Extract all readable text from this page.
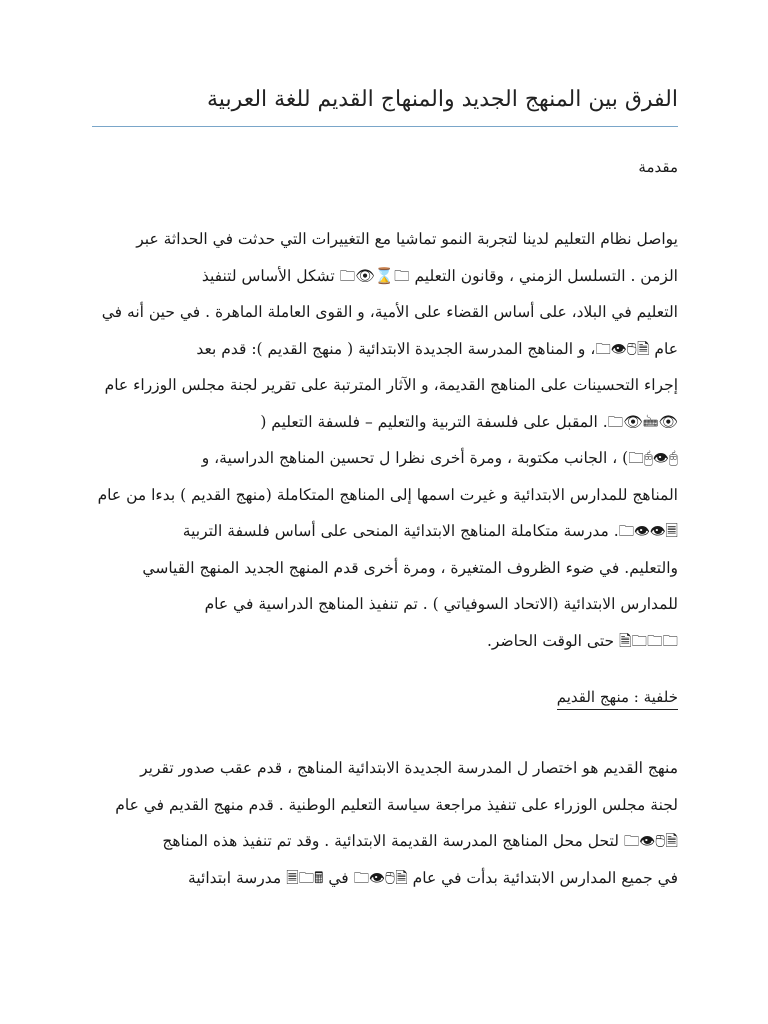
الفرق بين المنهج الجديد والمنهاج القديم للغة العربية
مقدمة

يواصل نظام التعليم لدينا لتجربة النمو تماشيا مع التغييرات التي حدثت في الحداثة عبر
الزمن . التسلسل الزمني ، وقانون التعليم 🗀⌛👁🗀 تشكل الأساس لتنفيذ
التعليم في البلاد، على أساس القضاء على الأمية، و القوى العاملة الماهرة . في حين أنه في
عام 🗎🖰👁🗀، و المناهج المدرسة الجديدة الابتدائية ( منهج القديم ): قدم بعد
إجراء التحسينات على المناهج القديمة، و الآثار المترتبة على تقرير لجنة مجلس الوزراء عام
👁🖮👁🗀. المقبل على فلسفة التربية والتعليم – فلسفة التعليم (
🖰👁🖰🗀) ، الجانب مكتوبة ، ومرة أخرى نظرا ل تحسين المناهج الدراسية، و
المناهج للمدارس الابتدائية و غيرت اسمها إلى المناهج المتكاملة (منهج القديم ) بدءا من عام
🗏👁👁🗀. مدرسة متكاملة المناهج الابتدائية المنحى على أساس فلسفة التربية
والتعليم. في ضوء الظروف المتغيرة ، ومرة أخرى قدم المنهج الجديد المنهج القياسي
للمدارس الابتدائية (الاتحاد السوفياتي ) . تم تنفيذ المناهج الدراسية في عام
🗀🗀🗀🗎 حتى الوقت الحاضر.

خلفية : منهج القديم

منهج القديم هو اختصار ل المدرسة الجديدة الابتدائية المناهج ، قدم عقب صدور تقرير
لجنة مجلس الوزراء على تنفيذ مراجعة سياسة التعليم الوطنية . قدم منهج القديم في عام
🗎🖰👁🗀 لتحل محل المناهج المدرسة القديمة الابتدائية . وقد تم تنفيذ هذه المناهج
في جميع المدارس الابتدائية بدأت في عام 🗎🖰👁🗀 في 🖩🗀🗏 مدرسة ابتدائية
